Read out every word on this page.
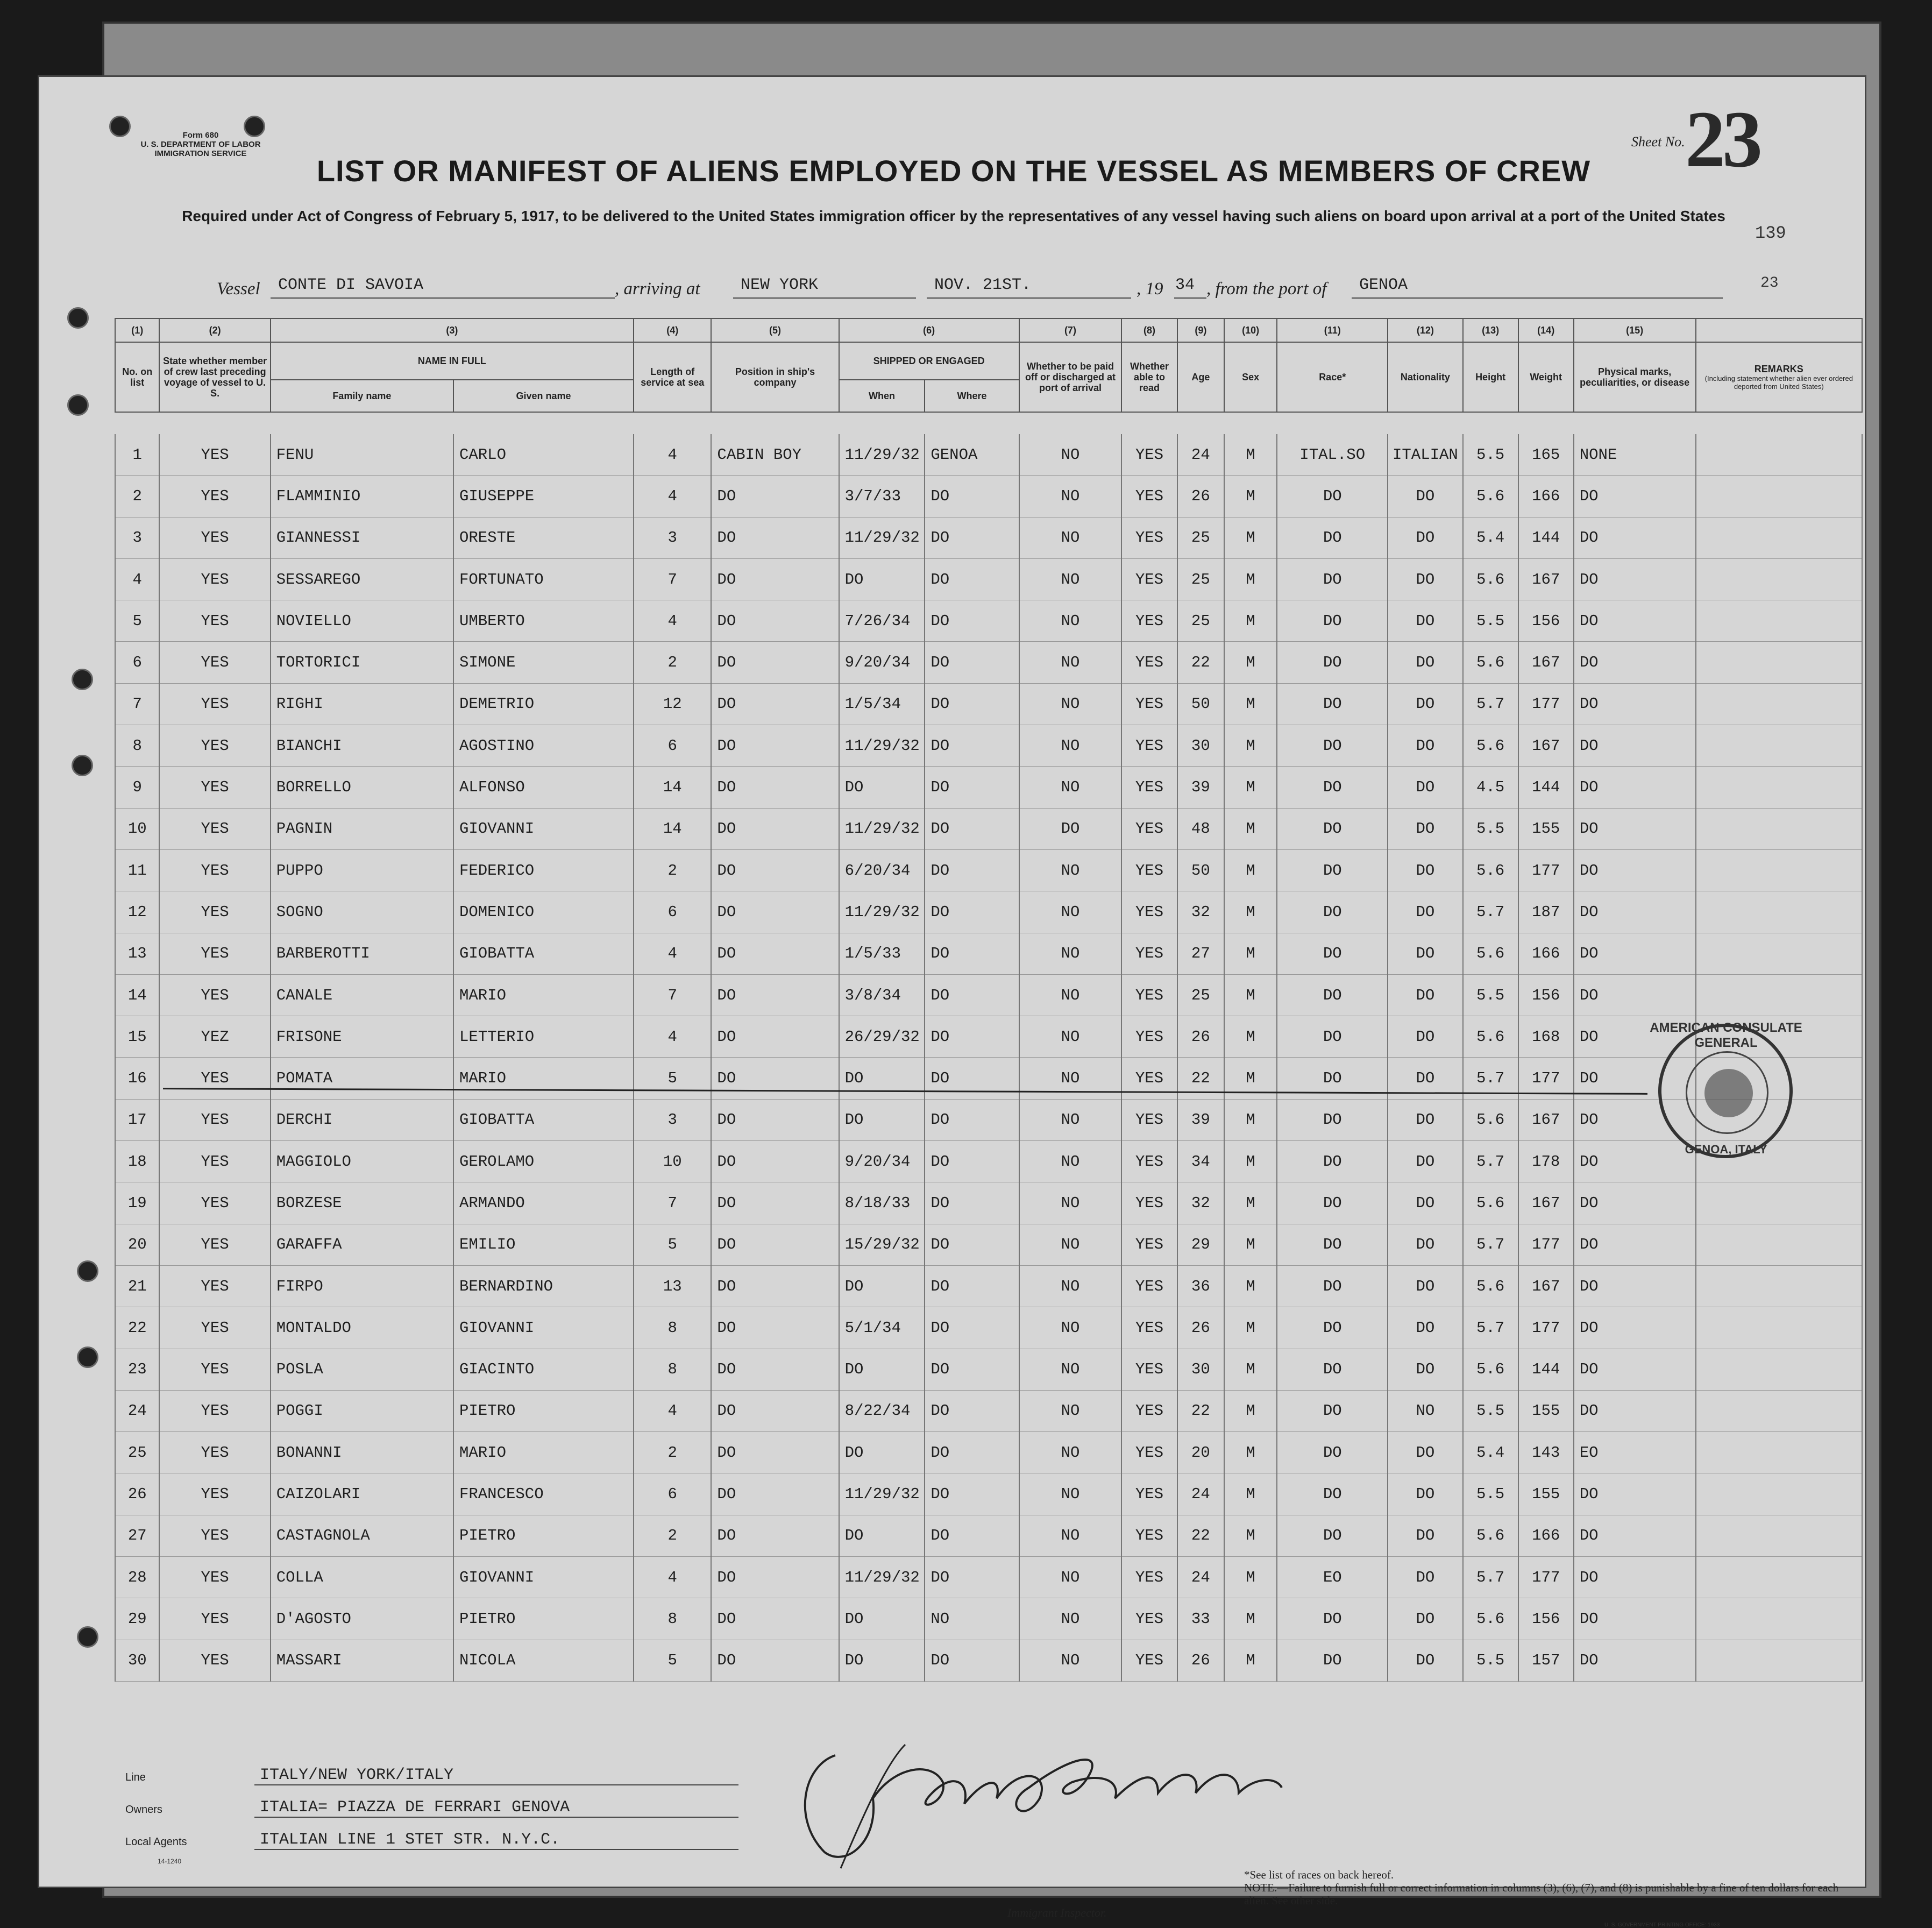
Form 680
U. S. DEPARTMENT OF LABOR
IMMIGRATION SERVICE
Sheet No. 23
139
23
LIST OR MANIFEST OF ALIENS EMPLOYED ON THE VESSEL AS MEMBERS OF CREW
Required under Act of Congress of February 5, 1917, to be delivered to the United States immigration officer by the representatives of any vessel having such aliens on board upon arrival at a port of the United States
Vessel	CONTE DI SAVOIA	, arriving at	NEW YORK	NOV. 21ST.	, 19 34 , from the port of	GENOA
(1)	(2)	(3)		(4)	(5)	(6)		(7)	(8)	(9)	(10)	(11)	(12)	(13)	(14)	(15)	
No. on list	State whether member of crew last preceding voyage of vessel to U. S.	NAME IN FULL		Length of service at sea	Position in ship's company	SHIPPED OR ENGAGED		Whether to be paid off or discharged at port of arrival	Whether able to read	Age	Sex	Race*	Nationality	Height	Weight	Physical marks, peculiarities, or disease	REMARKS
(Including statement whether alien ever ordered deported from United States)

		Family name	Given name			When	Where										

1	YES	FENU	CARLO	4	CABIN BOY	11/29/32	GENOA	NO	YES	24	M	ITAL.SO	ITALIAN	5.5	165	NONE	
2	YES	FLAMMINIO	GIUSEPPE	4	DO	3/7/33	DO	NO	YES	26	M	DO	DO	5.6	166	DO	
3	YES	GIANNESSI	ORESTE	3	DO	11/29/32	DO	NO	YES	25	M	DO	DO	5.4	144	DO	
4	YES	SESSAREGO	FORTUNATO	7	DO	DO	DO	NO	YES	25	M	DO	DO	5.6	167	DO	
5	YES	NOVIELLO	UMBERTO	4	DO	7/26/34	DO	NO	YES	25	M	DO	DO	5.5	156	DO	
6	YES	TORTORICI	SIMONE	2	DO	9/20/34	DO	NO	YES	22	M	DO	DO	5.6	167	DO	
7	YES	RIGHI	DEMETRIO	12	DO	1/5/34	DO	NO	YES	50	M	DO	DO	5.7	177	DO	
8	YES	BIANCHI	AGOSTINO	6	DO	11/29/32	DO	NO	YES	30	M	DO	DO	5.6	167	DO	
9	YES	BORRELLO	ALFONSO	14	DO	DO	DO	NO	YES	39	M	DO	DO	4.5	144	DO	
10	YES	PAGNIN	GIOVANNI	14	DO	11/29/32	DO	DO	YES	48	M	DO	DO	5.5	155	DO	
11	YES	PUPPO	FEDERICO	2	DO	6/20/34	DO	NO	YES	50	M	DO	DO	5.6	177	DO	
12	YES	SOGNO	DOMENICO	6	DO	11/29/32	DO	NO	YES	32	M	DO	DO	5.7	187	DO	
13	YES	BARBEROTTI	GIOBATTA	4	DO	1/5/33	DO	NO	YES	27	M	DO	DO	5.6	166	DO	
14	YES	CANALE	MARIO	7	DO	3/8/34	DO	NO	YES	25	M	DO	DO	5.5	156	DO	
15	YEZ	FRISONE	LETTERIO	4	DO	26/29/32	DO	NO	YES	26	M	DO	DO	5.6	168	DO	
16	YES	POMATA	MARIO	5	DO	DO	DO	NO	YES	22	M	DO	DO	5.7	177	DO	
17	YES	DERCHI	GIOBATTA	3	DO	DO	DO	NO	YES	39	M	DO	DO	5.6	167	DO	
18	YES	MAGGIOLO	GEROLAMO	10	DO	9/20/34	DO	NO	YES	34	M	DO	DO	5.7	178	DO	
19	YES	BORZESE	ARMANDO	7	DO	8/18/33	DO	NO	YES	32	M	DO	DO	5.6	167	DO	
20	YES	GARAFFA	EMILIO	5	DO	15/29/32	DO	NO	YES	29	M	DO	DO	5.7	177	DO	
21	YES	FIRPO	BERNARDINO	13	DO	DO	DO	NO	YES	36	M	DO	DO	5.6	167	DO	
22	YES	MONTALDO	GIOVANNI	8	DO	5/1/34	DO	NO	YES	26	M	DO	DO	5.7	177	DO	
23	YES	POSLA	GIACINTO	8	DO	DO	DO	NO	YES	30	M	DO	DO	5.6	144	DO	
24	YES	POGGI	PIETRO	4	DO	8/22/34	DO	NO	YES	22	M	DO	NO	5.5	155	DO	
25	YES	BONANNI	MARIO	2	DO	DO	DO	NO	YES	20	M	DO	DO	5.4	143	EO	
26	YES	CAIZOLARI	FRANCESCO	6	DO	11/29/32	DO	NO	YES	24	M	DO	DO	5.5	155	DO	
27	YES	CASTAGNOLA	PIETRO	2	DO	DO	DO	NO	YES	22	M	DO	DO	5.6	166	DO	
28	YES	COLLA	GIOVANNI	4	DO	11/29/32	DO	NO	YES	24	M	EO	DO	5.7	177	DO	
29	YES	D'AGOSTO	PIETRO	8	DO	DO	NO	NO	YES	33	M	DO	DO	5.6	156	DO	
30	YES	MASSARI	NICOLA	5	DO	DO	DO	NO	YES	26	M	DO	DO	5.5	157	DO	
AMERICAN CONSULATE GENERAL
GENOA, ITALY
Immigrant Inspector.
Line	ITALY/NEW YORK/ITALY
Owners	ITALIA= PIAZZA DE FERRARI GENOVA
Local Agents	ITALIAN LINE 1 STET STR. N.Y.C.
14-1240
*See list of races on back hereof.
NOTE.—Failure to furnish full or correct information in columns (3), (6), (7), and (8) is punishable by a fine of ten dollars for each alien. See other side.
U. S. GOVERNMENT PRINTING OFFICE: 1933
